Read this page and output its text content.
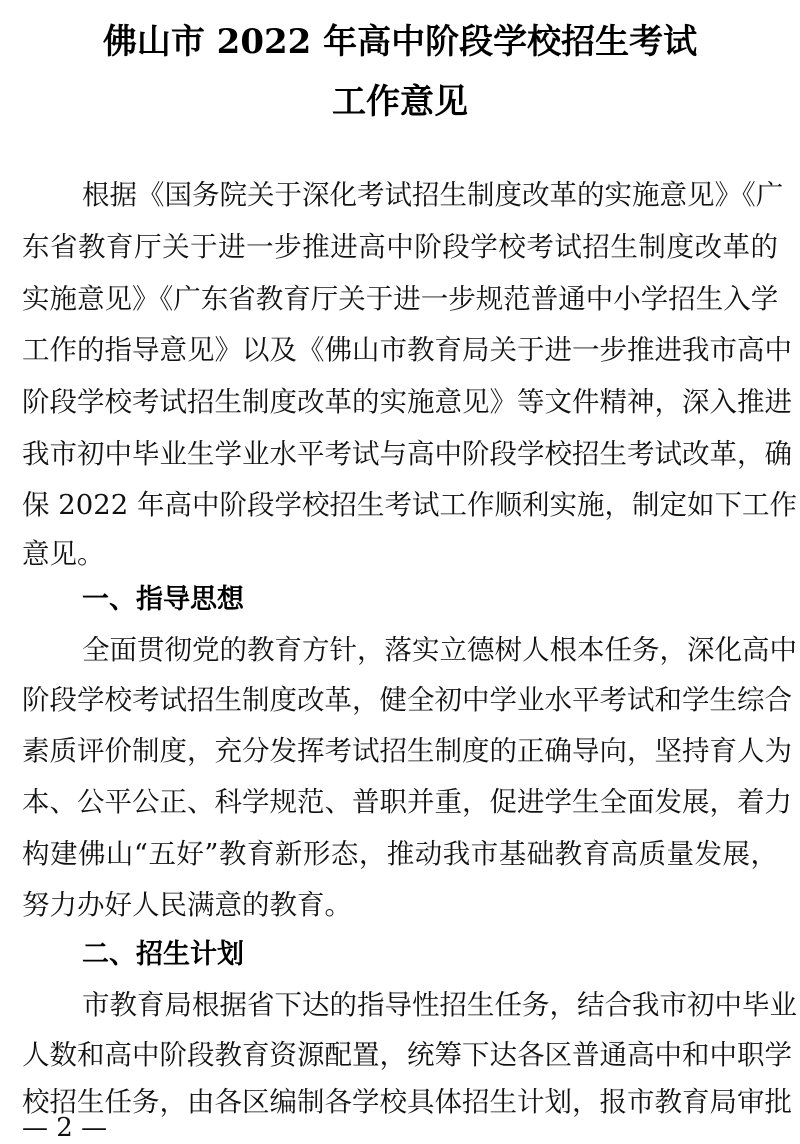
佛山市 2022 年高中阶段学校招生考试
工作意见
根据《国务院关于深化考试招生制度改革的实施意见》《广
东省教育厅关于进一步推进高中阶段学校考试招生制度改革的
实施意见》《广东省教育厅关于进一步规范普通中小学招生入学
工作的指导意见》以及《佛山市教育局关于进一步推进我市高中
阶段学校考试招生制度改革的实施意见》等文件精神，深入推进
我市初中毕业生学业水平考试与高中阶段学校招生考试改革，确
保 2022 年高中阶段学校招生考试工作顺利实施，制定如下工作
意见。
一、指导思想
全面贯彻党的教育方针，落实立德树人根本任务，深化高中
阶段学校考试招生制度改革，健全初中学业水平考试和学生综合
素质评价制度，充分发挥考试招生制度的正确导向，坚持育人为
本、公平公正、科学规范、普职并重，促进学生全面发展，着力
构建佛山“五好”教育新形态，推动我市基础教育高质量发展，
努力办好人民满意的教育。
二、招生计划
市教育局根据省下达的指导性招生任务，结合我市初中毕业
人数和高中阶段教育资源配置，统筹下达各区普通高中和中职学
校招生任务，由各区编制各学校具体招生计划，报市教育局审批
— 2 —
